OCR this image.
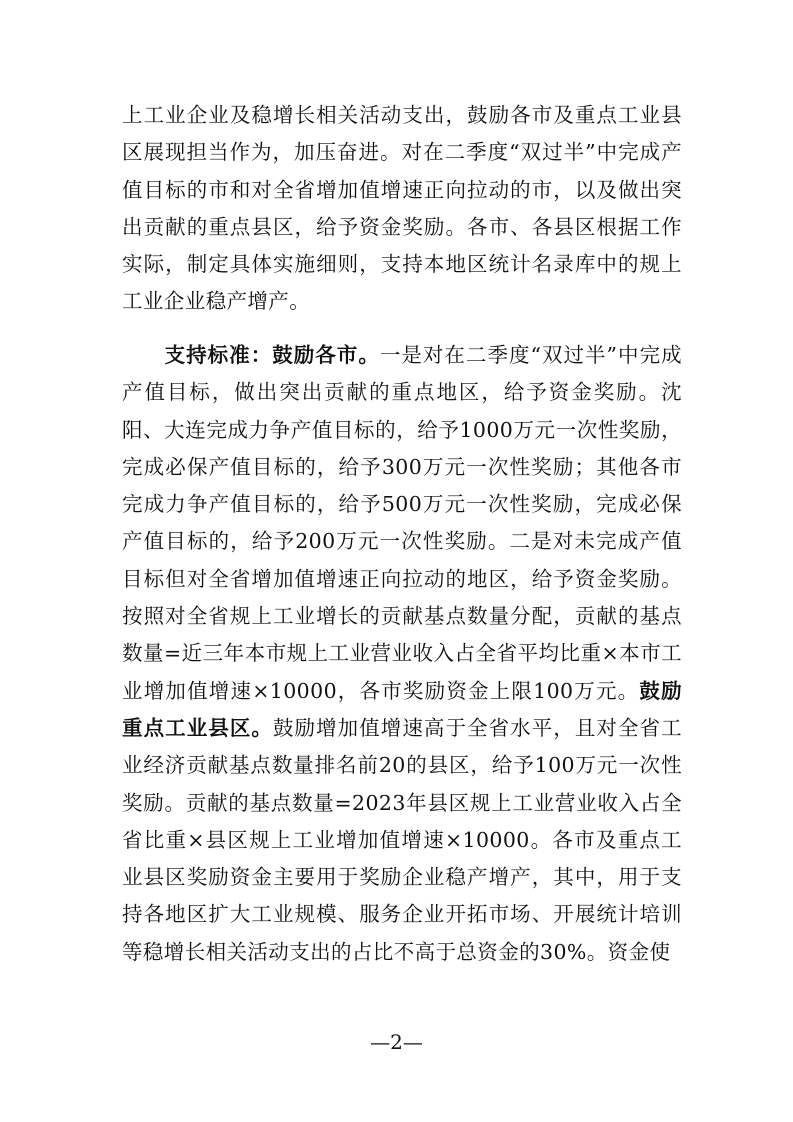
上工业企业及稳增长相关活动支出，鼓励各市及重点工业县区展现担当作为，加压奋进。对在二季度“双过半”中完成产值目标的市和对全省增加值增速正向拉动的市，以及做出突出贡献的重点县区，给予资金奖励。各市、各县区根据工作实际，制定具体实施细则，支持本地区统计名录库中的规上工业企业稳产增产。
支持标准：鼓励各市。一是对在二季度“双过半”中完成产值目标，做出突出贡献的重点地区，给予资金奖励。沈阳、大连完成力争产值目标的，给予1000万元一次性奖励，完成必保产值目标的，给予300万元一次性奖励；其他各市完成力争产值目标的，给予500万元一次性奖励，完成必保产值目标的，给予200万元一次性奖励。二是对未完成产值目标但对全省增加值增速正向拉动的地区，给予资金奖励。按照对全省规上工业增长的贡献基点数量分配，贡献的基点数量=近三年本市规上工业营业收入占全省平均比重×本市工业增加值增速×10000，各市奖励资金上限100万元。鼓励重点工业县区。鼓励增加值增速高于全省水平，且对全省工业经济贡献基点数量排名前20的县区，给予100万元一次性奖励。贡献的基点数量=2023年县区规上工业营业收入占全省比重×县区规上工业增加值增速×10000。各市及重点工业县区奖励资金主要用于奖励企业稳产增产，其中，用于支持各地区扩大工业规模、服务企业开拓市场、开展统计培训等稳增长相关活动支出的占比不高于总资金的30%。资金使
—2—
